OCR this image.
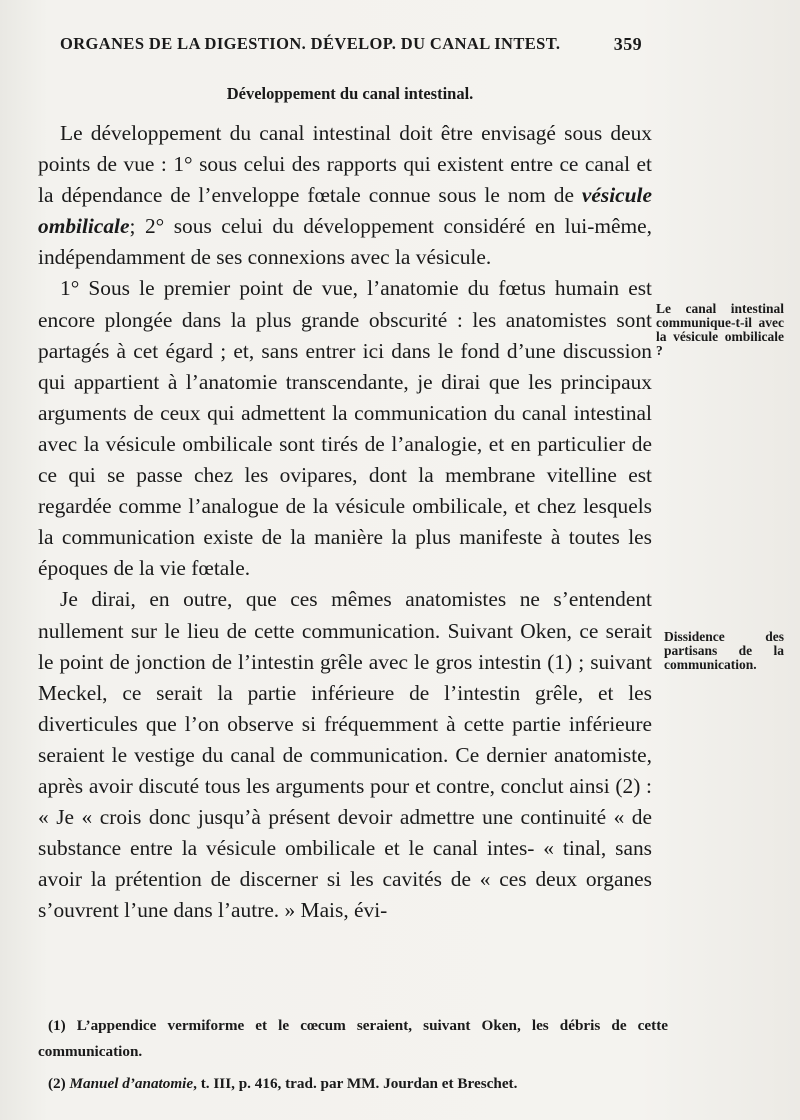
ORGANES DE LA DIGESTION. DÉVELOP. DU CANAL INTEST.	359
Développement du canal intestinal.

Le développement du canal intestinal doit être envisagé sous deux points de vue : 1° sous celui des rapports qui existent entre ce canal et la dépendance de l’enveloppe fœtale connue sous le nom de vésicule ombilicale; 2° sous celui du développement considéré en lui-même, indépendamment de ses connexions avec la vésicule.

1° Sous le premier point de vue, l’anatomie du fœtus humain est encore plongée dans la plus grande obscurité : les anatomistes sont partagés à cet égard ; et, sans entrer ici dans le fond d’une discussion qui appartient à l’anatomie transcendante, je dirai que les principaux arguments de ceux qui admettent la communication du canal intestinal avec la vésicule ombilicale sont tirés de l’analogie, et en particulier de ce qui se passe chez les ovipares, dont la membrane vitelline est regardée comme l’analogue de la vésicule ombilicale, et chez lesquels la communication existe de la manière la plus manifeste à toutes les époques de la vie fœtale.

Je dirai, en outre, que ces mêmes anatomistes ne s’entendent nullement sur le lieu de cette communication. Suivant Oken, ce serait le point de jonction de l’intestin grêle avec le gros intestin (1) ; suivant Meckel, ce serait la partie inférieure de l’intestin grêle, et les diverticules que l’on observe si fréquemment à cette partie inférieure seraient le vestige du canal de communication. Ce dernier anatomiste, après avoir discuté tous les arguments pour et contre, conclut ainsi (2) : « Je « crois donc jusqu’à présent devoir admettre une continuité « de substance entre la vésicule ombilicale et le canal intes- « tinal, sans avoir la prétention de discerner si les cavités de « ces deux organes s’ouvrent l’une dans l’autre. » Mais, évi-

Le canal intestinal communique-t-il avec la vésicule ombilicale ?
Dissidence des partisans de la communication.

(1) L’appendice vermiforme et le cœcum seraient, suivant Oken, les débris de cette communication.

(2) Manuel d’anatomie, t. III, p. 416, trad. par MM. Jourdan et Breschet.
